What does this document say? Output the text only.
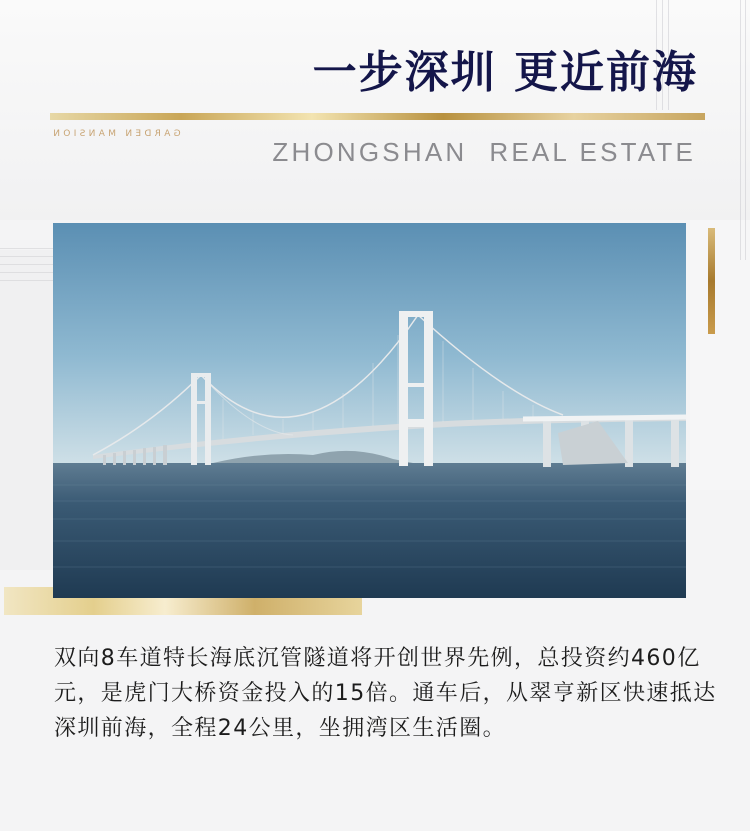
一步深圳 更近前海
GARDEN MANSION
ZHONGSHAN REAL ESTATE
双向8车道特长海底沉管隧道将开创世界先例，总投资约460亿元，是虎门大桥资金投入的15倍。通车后，从翠亨新区快速抵达深圳前海，全程24公里，坐拥湾区生活圈。
